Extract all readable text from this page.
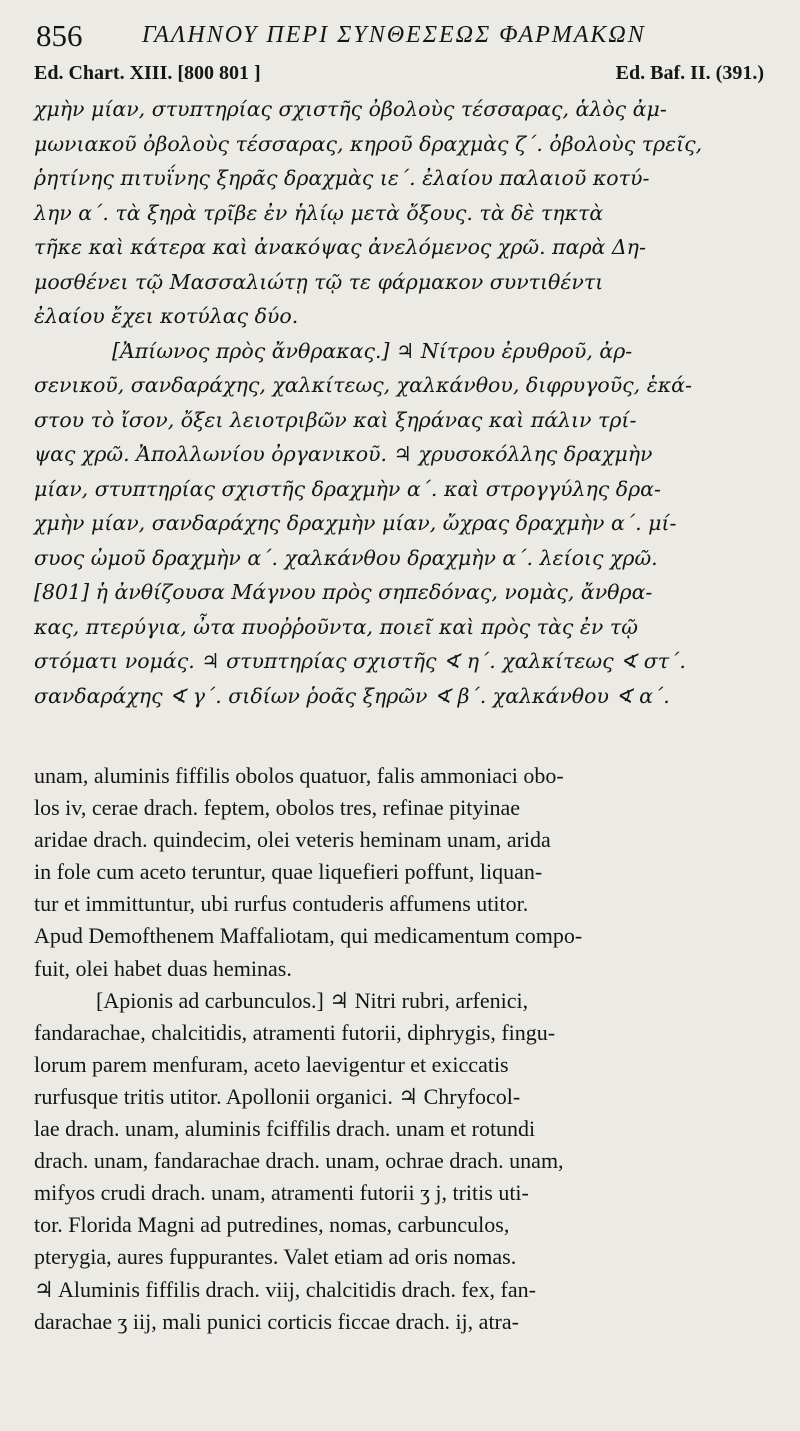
856 ΓΑΛΗΝΟΥ ΠΕΡΙ ΣΥΝΘΕΣΕΩΣ ΦΑΡΜΑΚΩΝ
Ed. Chart. XIII. [800 801 ]	Ed. Baf. II. (391.)
χμὴν μίαν, στυπτηρίας σχιστῆς ὀβολοὺς τέσσαρας, ἁλὸς ἀμ-
μωνιακοῦ ὀβολοὺς τέσσαρας, κηροῦ δραχμὰς ζ΄. ὀβολοὺς τρεῖς,
ῥητίνης πιτυΐνης ξηρᾶς δραχμὰς ιε΄. ἐλαίου παλαιοῦ κοτύ-
λην α΄. τὰ ξηρὰ τρῖβε ἐν ἡλίῳ μετὰ ὄξους. τὰ δὲ τηκτὰ
τῆκε καὶ κάτερα καὶ ἀνακόψας ἀνελόμενος χρῶ. παρὰ Δη-
μοσθένει τῷ Μασσαλιώτῃ τῷ τε φάρμακον συντιθέντι
ἐλαίου ἔχει κοτύλας δύο.
[Ἀπίωνος πρὸς ἄνθρακας.] ♃ Νίτρου ἐρυθροῦ, ἀρ-
σενικοῦ, σανδαράχης, χαλκίτεως, χαλκάνθου, διφρυγοῦς, ἑκά-
στου τὸ ἴσον, ὄξει λειοτριβῶν καὶ ξηράνας καὶ πάλιν τρί-
ψας χρῶ. Ἀπολλωνίου ὀργανικοῦ. ♃ χρυσοκόλλης δραχμὴν
μίαν, στυπτηρίας σχιστῆς δραχμὴν α΄. καὶ στρογγύλης δρα-
χμὴν μίαν, σανδαράχης δραχμὴν μίαν, ὤχρας δραχμὴν α΄. μί-
συος ὠμοῦ δραχμὴν α΄. χαλκάνθου δραχμὴν α΄. λείοις χρῶ.
[801] ἡ ἀνθίζουσα Μάγνου πρὸς σηπεδόνας, νομὰς, ἄνθρα-
κας, πτερύγια, ὦτα πυοῤῥοῦντα, ποιεῖ καὶ πρὸς τὰς ἐν τῷ
στόματι νομάς. ♃ στυπτηρίας σχιστῆς ∢ η΄. χαλκίτεως ∢ στ΄.
σανδαράχης ∢ γ΄. σιδίων ῥοᾶς ξηρῶν ∢ β΄. χαλκάνθου ∢ α΄.
unam, aluminis fiffilis obolos quatuor, falis ammoniaci obo-
los iv, cerae drach. feptem, obolos tres, refinae pityinae
aridae drach. quindecim, olei veteris heminam unam, arida
in fole cum aceto teruntur, quae liquefieri poffunt, liquan-
tur et immittuntur, ubi rurfus contuderis affumens utitor.
Apud Demofthenem Maffaliotam, qui medicamentum compo-
fuit, olei habet duas heminas.
[Apionis ad carbunculos.] ♃ Nitri rubri, arfenici,
fandarachae, chalcitidis, atramenti futorii, diphrygis, fingu-
lorum parem menfuram, aceto laevigentur et exiccatis
rurfusque tritis utitor. Apollonii organici. ♃ Chryfocol-
lae drach. unam, aluminis fciffilis drach. unam et rotundi
drach. unam, fandarachae drach. unam, ochrae drach. unam,
mifyos crudi drach. unam, atramenti futorii ʒ j, tritis uti-
tor. Florida Magni ad putredines, nomas, carbunculos,
pterygia, aures fuppurantes. Valet etiam ad oris nomas.
♃ Aluminis fiffilis drach. viij, chalcitidis drach. fex, fan-
darachae ʒ iij, mali punici corticis ficcae drach. ij, atra-
